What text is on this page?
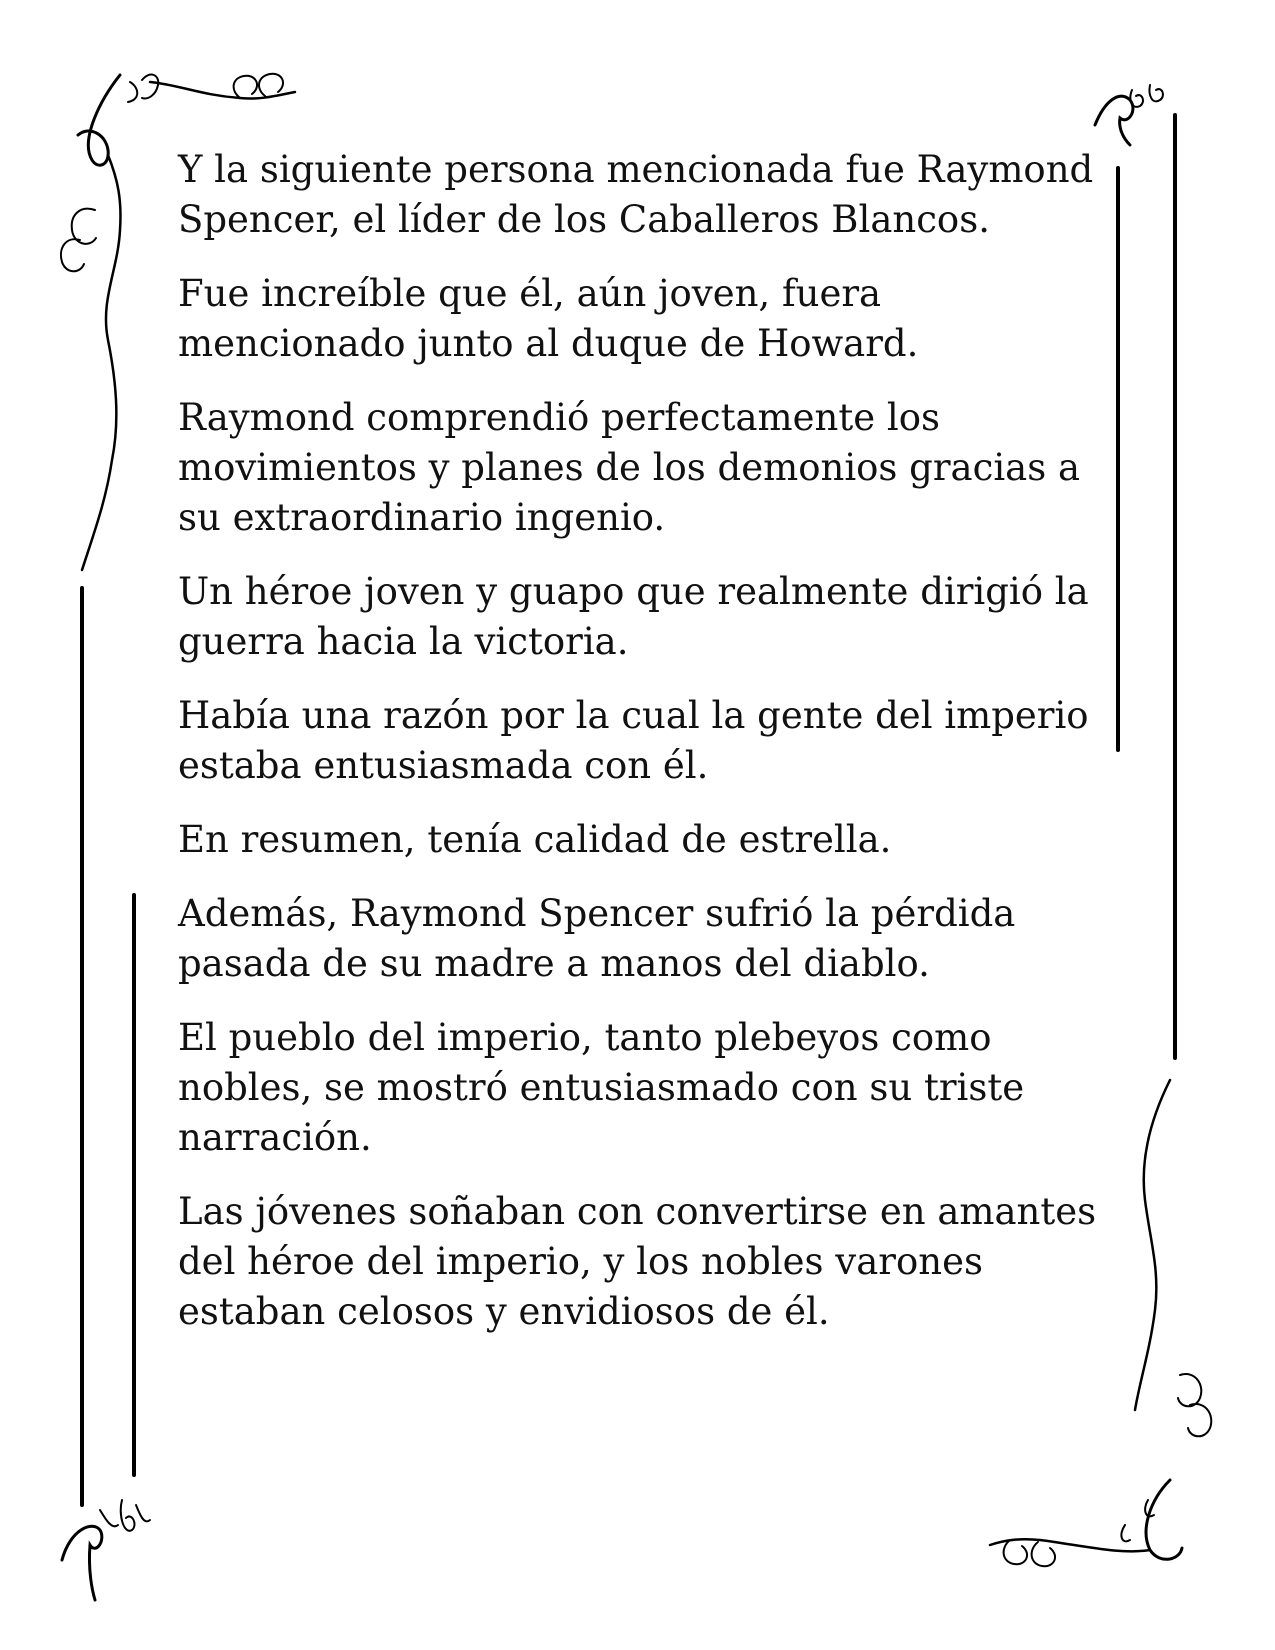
Y la siguiente persona mencionada fue Raymond Spencer, el líder de los Caballeros Blancos.

Fue increíble que él, aún joven, fuera mencionado junto al duque de Howard.

Raymond comprendió perfectamente los movimientos y planes de los demonios gracias a su extraordinario ingenio.

Un héroe joven y guapo que realmente dirigió la guerra hacia la victoria.

Había una razón por la cual la gente del imperio estaba entusiasmada con él.

En resumen, tenía calidad de estrella.

Además, Raymond Spencer sufrió la pérdida pasada de su madre a manos del diablo.

El pueblo del imperio, tanto plebeyos como nobles, se mostró entusiasmado con su triste narración.

Las jóvenes soñaban con convertirse en amantes del héroe del imperio, y los nobles varones estaban celosos y envidiosos de él.
